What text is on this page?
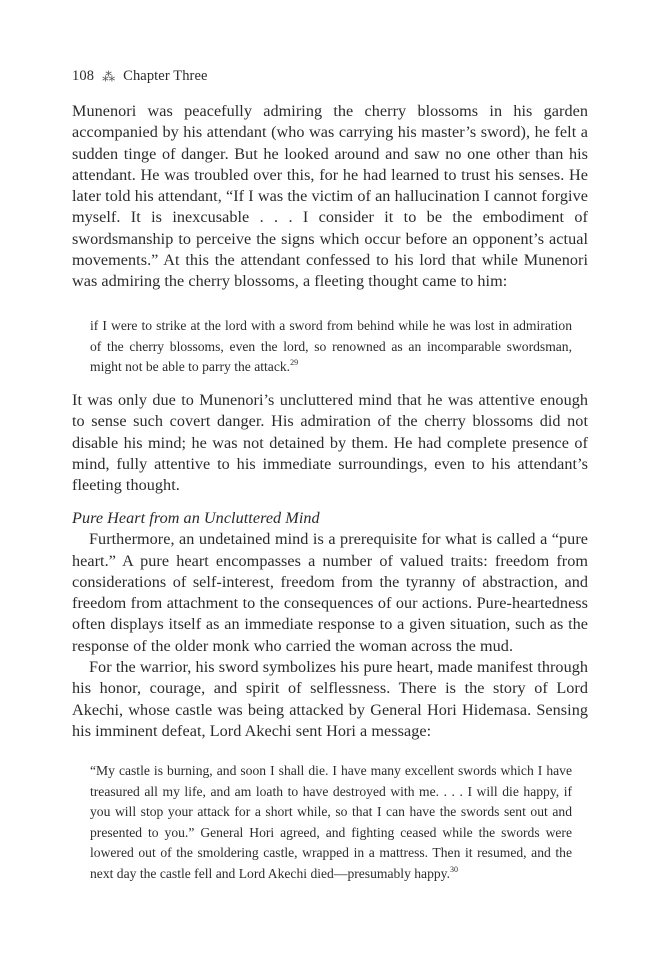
108 ⁂ Chapter Three

Munenori was peacefully admiring the cherry blossoms in his garden accompanied by his attendant (who was carrying his master’s sword), he felt a sudden tinge of danger. But he looked around and saw no one other than his attendant. He was troubled over this, for he had learned to trust his senses. He later told his attendant, “If I was the victim of an hallucination I cannot forgive myself. It is inexcusable . . . I consider it to be the embodiment of swordsmanship to perceive the signs which occur before an opponent’s actual movements.” At this the attendant confessed to his lord that while Munenori was admiring the cherry blossoms, a fleeting thought came to him:

if I were to strike at the lord with a sword from behind while he was lost in admiration of the cherry blossoms, even the lord, so renowned as an incomparable swordsman, might not be able to parry the attack.$^{29}$

It was only due to Munenori’s uncluttered mind that he was attentive enough to sense such covert danger. His admiration of the cherry blossoms did not disable his mind; he was not detained by them. He had complete presence of mind, fully attentive to his immediate surroundings, even to his attendant’s fleeting thought.

Pure Heart from an Uncluttered Mind

Furthermore, an undetained mind is a prerequisite for what is called a “pure heart.” A pure heart encompasses a number of valued traits: freedom from considerations of self-interest, freedom from the tyranny of abstraction, and freedom from attachment to the consequences of our actions. Pure-heartedness often displays itself as an immediate response to a given situation, such as the response of the older monk who carried the woman across the mud.

For the warrior, his sword symbolizes his pure heart, made manifest through his honor, courage, and spirit of selflessness. There is the story of Lord Akechi, whose castle was being attacked by General Hori Hidemasa. Sensing his imminent defeat, Lord Akechi sent Hori a message:

“My castle is burning, and soon I shall die. I have many excellent swords which I have treasured all my life, and am loath to have destroyed with me. . . . I will die happy, if you will stop your attack for a short while, so that I can have the swords sent out and presented to you.” General Hori agreed, and fighting ceased while the swords were lowered out of the smoldering castle, wrapped in a mattress. Then it resumed, and the next day the castle fell and Lord Akechi died—presumably happy.$^{30}$
